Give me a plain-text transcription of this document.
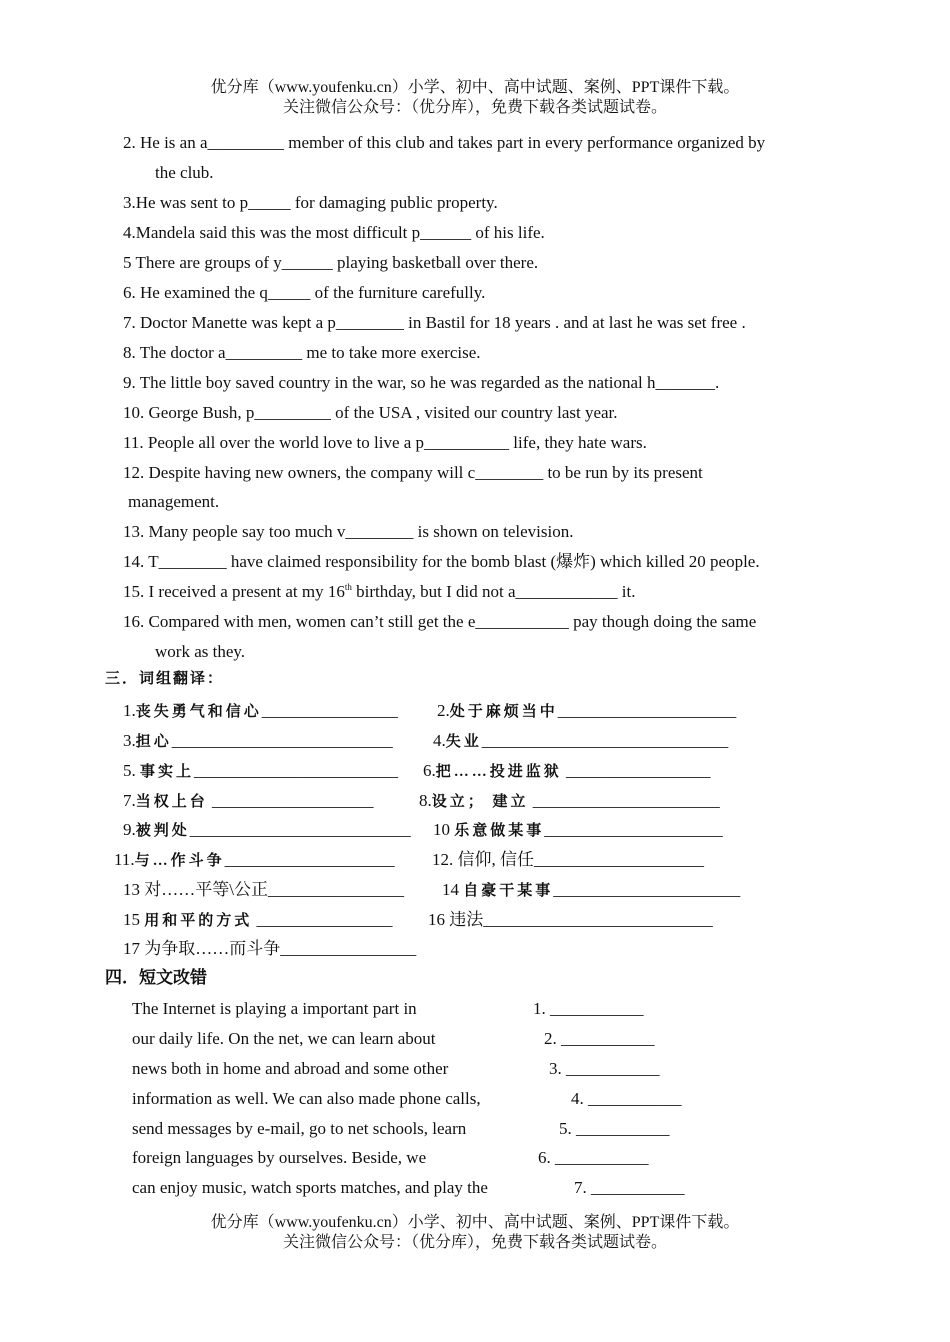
优分库（www.youfenku.cn）小学、初中、高中试题、案例、PPT课件下载。
关注微信公众号：（优分库），免费下载各类试题试卷。
2. He is an a_________ member of this club and takes part in every performance organized by
the club.
3.He was sent to p_____ for damaging public property.
4.Mandela said this was the most difficult p______ of his life.
5 There are groups of y______ playing basketball over there.
6. He examined the q_____ of the furniture carefully.
7. Doctor Manette was kept a p________ in Bastil for 18 years . and at last he was set free .
8. The doctor a_________ me to take more exercise.
9. The little boy saved country in the war, so he was regarded as the national h_______.
10. George Bush, p_________ of the USA , visited our country last year.
11. People all over the world love to live a p__________ life, they hate wars.
12. Despite having new owners, the company will c________ to be run by its present
management.
13. Many people say too much v________ is shown on television.
14. T________ have claimed responsibility for the bomb blast (爆炸) which killed 20 people.
15. I received a present at my 16th birthday, but I did not a____________ it.
16. Compared with men, women can’t still get the e___________ pay though doing the same
work as they.
三．词组翻译：
1.丧失勇气和信心________________ 2.处于麻烦当中_____________________
3.担心__________________________ 4.失业_____________________________
5. 事实上________________________ 6.把……投进监狱 _________________
7.当权上台 ___________________	8.设立； 建立 ______________________
9.被判处__________________________ 10 乐意做某事_____________________
11.与…作斗争____________________ 12. 信仰, 信任____________________
13 对……平等\公正________________ 14 自豪干某事______________________
15 用和平的方式 ________________ 16 违法___________________________
17 为争取……而斗争________________
四．短文改错
The Internet is playing a important part in	1. ___________
our daily life. On the net, we can learn about	2. ___________
news both in home and abroad and some other	3. ___________
information as well. We can also made phone calls,	4. ___________
send messages by e-mail, go to net schools, learn	5. ___________
foreign languages by ourselves. Beside, we	6. ___________
can enjoy music, watch sports matches, and play the	7. ___________
优分库（www.youfenku.cn）小学、初中、高中试题、案例、PPT课件下载。
关注微信公众号：（优分库），免费下载各类试题试卷。
